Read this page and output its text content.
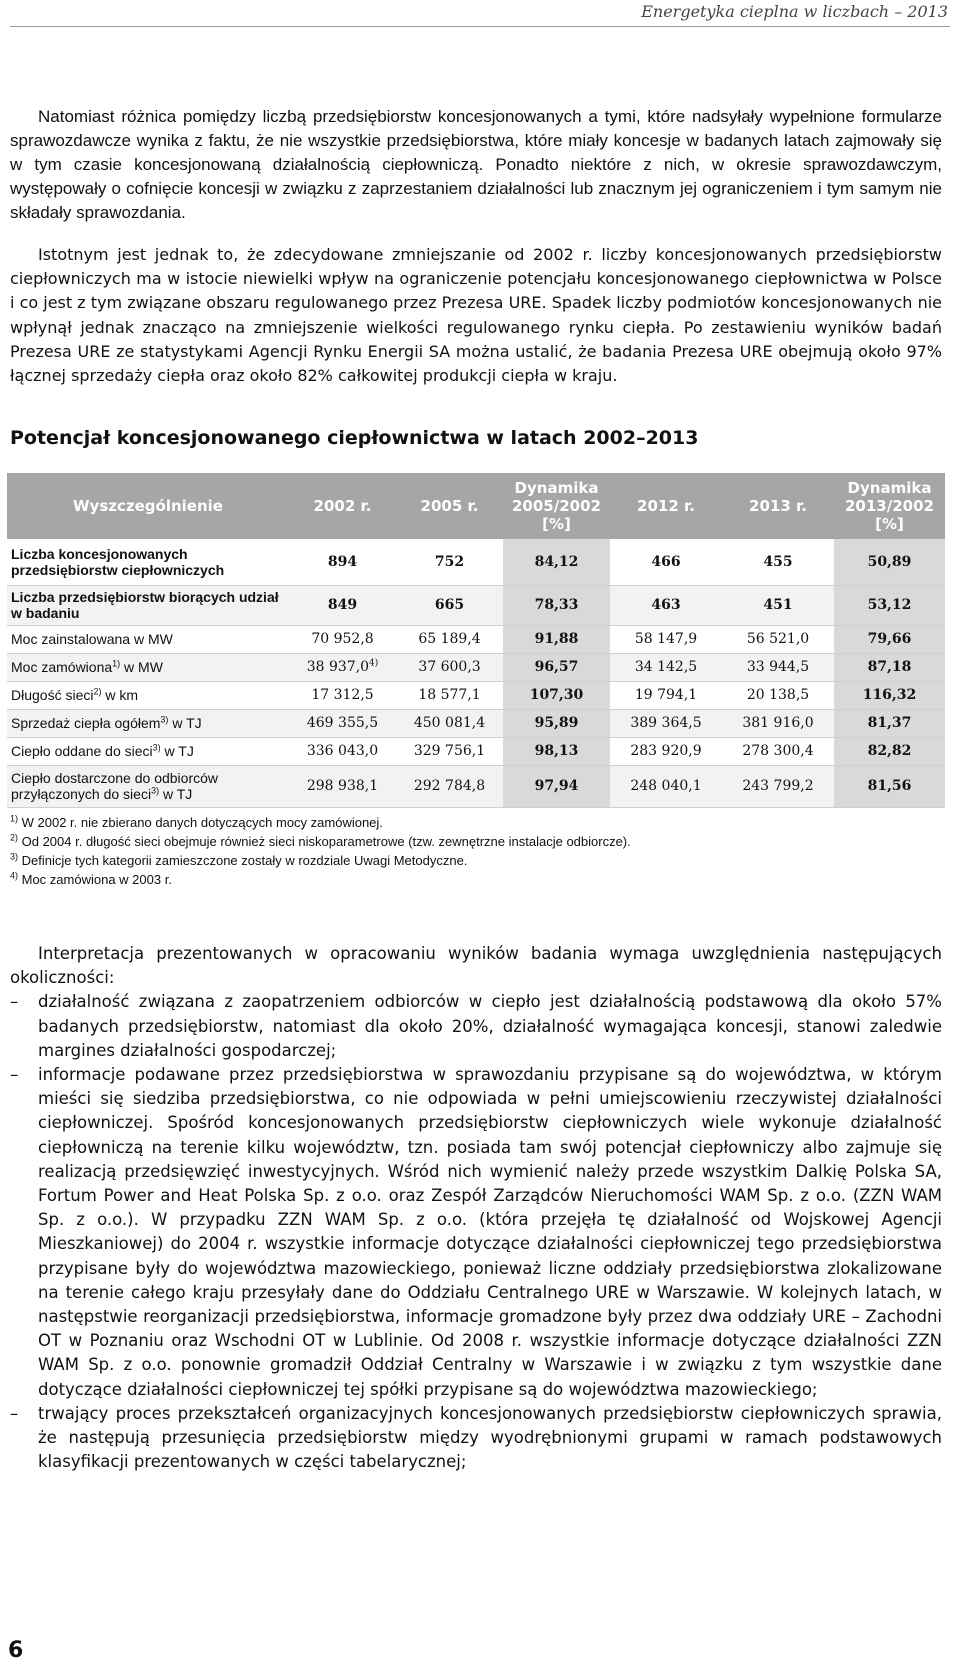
Energetyka cieplna w liczbach – 2013

Natomiast różnica pomiędzy liczbą przedsiębiorstw koncesjonowanych a tymi, które nadsyłały wypełnione formularze sprawozdawcze wynika z faktu, że nie wszystkie przedsiębiorstwa, które miały koncesje w badanych latach zajmowały się w tym czasie koncesjonowaną działalnością ciepłowniczą. Ponadto niektóre z nich, w okresie sprawozdawczym, występowały o cofnięcie koncesji w związku z zaprzestaniem działalności lub znacznym jej ograniczeniem i tym samym nie składały sprawozdania.

Istotnym jest jednak to, że zdecydowane zmniejszanie od 2002 r. liczby koncesjonowanych przedsiębiorstw ciepłowniczych ma w istocie niewielki wpływ na ograniczenie potencjału koncesjonowanego ciepłownictwa w Polsce i co jest z tym związane obszaru regulowanego przez Prezesa URE. Spadek liczby podmiotów koncesjonowanych nie wpłynął jednak znacząco na zmniejszenie wielkości regulowanego rynku ciepła. Po zestawieniu wyników badań Prezesa URE ze statystykami Agencji Rynku Energii SA można ustalić, że badania Prezesa URE obejmują około 97% łącznej sprzedaży ciepła oraz około 82% całkowitej produkcji ciepła w kraju.

Potencjał koncesjonowanego ciepłownictwa w latach 2002–2013
Wyszczególnienie	2002 r.	2005 r.	Dynamika 2005/2002 [%]	2012 r.	2013 r.	Dynamika 2013/2002 [%]
Liczba koncesjonowanych przedsiębiorstw ciepłowniczych	894	752	84,12	466	455	50,89
Liczba przedsiębiorstw biorących udział w badaniu	849	665	78,33	463	451	53,12
Moc zainstalowana w MW	70 952,8	65 189,4	91,88	58 147,9	56 521,0	79,66
Moc zamówiona$^{1)}$ w MW	38 937,0$^{4)}$	37 600,3	96,57	34 142,5	33 944,5	87,18
Długość sieci$^{2)}$ w km	17 312,5	18 577,1	107,30	19 794,1	20 138,5	116,32
Sprzedaż ciepła ogółem$^{3)}$ w TJ	469 355,5	450 081,4	95,89	389 364,5	381 916,0	81,37
Ciepło oddane do sieci$^{3)}$ w TJ	336 043,0	329 756,1	98,13	283 920,9	278 300,4	82,82
Ciepło dostarczone do odbiorców przyłączonych do sieci$^{3)}$ w TJ	298 938,1	292 784,8	97,94	248 040,1	243 799,2	81,56
$^{1)}$ W 2002 r. nie zbierano danych dotyczących mocy zamówionej.
$^{2)}$ Od 2004 r. długość sieci obejmuje również sieci niskoparametrowe (tzw. zewnętrzne instalacje odbiorcze).
$^{3)}$ Definicje tych kategorii zamieszczone zostały w rozdziale Uwagi Metodyczne.
$^{4)}$ Moc zamówiona w 2003 r.

Interpretacja prezentowanych w opracowaniu wyników badania wymaga uwzględnienia następujących okoliczności:

– działalność związana z zaopatrzeniem odbiorców w ciepło jest działalnością podstawową dla około 57% badanych przedsiębiorstw, natomiast dla około 20%, działalność wymagająca koncesji, stanowi zaledwie margines działalności gospodarczej;
– informacje podawane przez przedsiębiorstwa w sprawozdaniu przypisane są do województwa, w którym mieści się siedziba przedsiębiorstwa, co nie odpowiada w pełni umiejscowieniu rzeczywistej działalności ciepłowniczej. Spośród koncesjonowanych przedsiębiorstw ciepłowniczych wiele wykonuje działalność ciepłowniczą na terenie kilku województw, tzn. posiada tam swój potencjał ciepłowniczy albo zajmuje się realizacją przedsięwzięć inwestycyjnych. Wśród nich wymienić należy przede wszystkim Dalkię Polska SA, Fortum Power and Heat Polska Sp. z o.o. oraz Zespół Zarządców Nieruchomości WAM Sp. z o.o. (ZZN WAM Sp. z o.o.). W przypadku ZZN WAM Sp. z o.o. (która przejęła tę działalność od Wojskowej Agencji Mieszkaniowej) do 2004 r. wszystkie informacje dotyczące działalności ciepłowniczej tego przedsiębiorstwa przypisane były do województwa mazowieckiego, ponieważ liczne oddziały przedsiębiorstwa zlokalizowane na terenie całego kraju przesyłały dane do Oddziału Centralnego URE w Warszawie. W kolejnych latach, w następstwie reorganizacji przedsiębiorstwa, informacje gromadzone były przez dwa oddziały URE – Zachodni OT w Poznaniu oraz Wschodni OT w Lublinie. Od 2008 r. wszystkie informacje dotyczące działalności ZZN WAM Sp. z o.o. ponownie gromadził Oddział Centralny w Warszawie i w związku z tym wszystkie dane dotyczące działalności ciepłowniczej tej spółki przypisane są do województwa mazowieckiego;
– trwający proces przekształceń organizacyjnych koncesjonowanych przedsiębiorstw ciepłowniczych sprawia, że następują przesunięcia przedsiębiorstw między wyodrębnionymi grupami w ramach podstawowych klasyfikacji prezentowanych w części tabelarycznej;
6
